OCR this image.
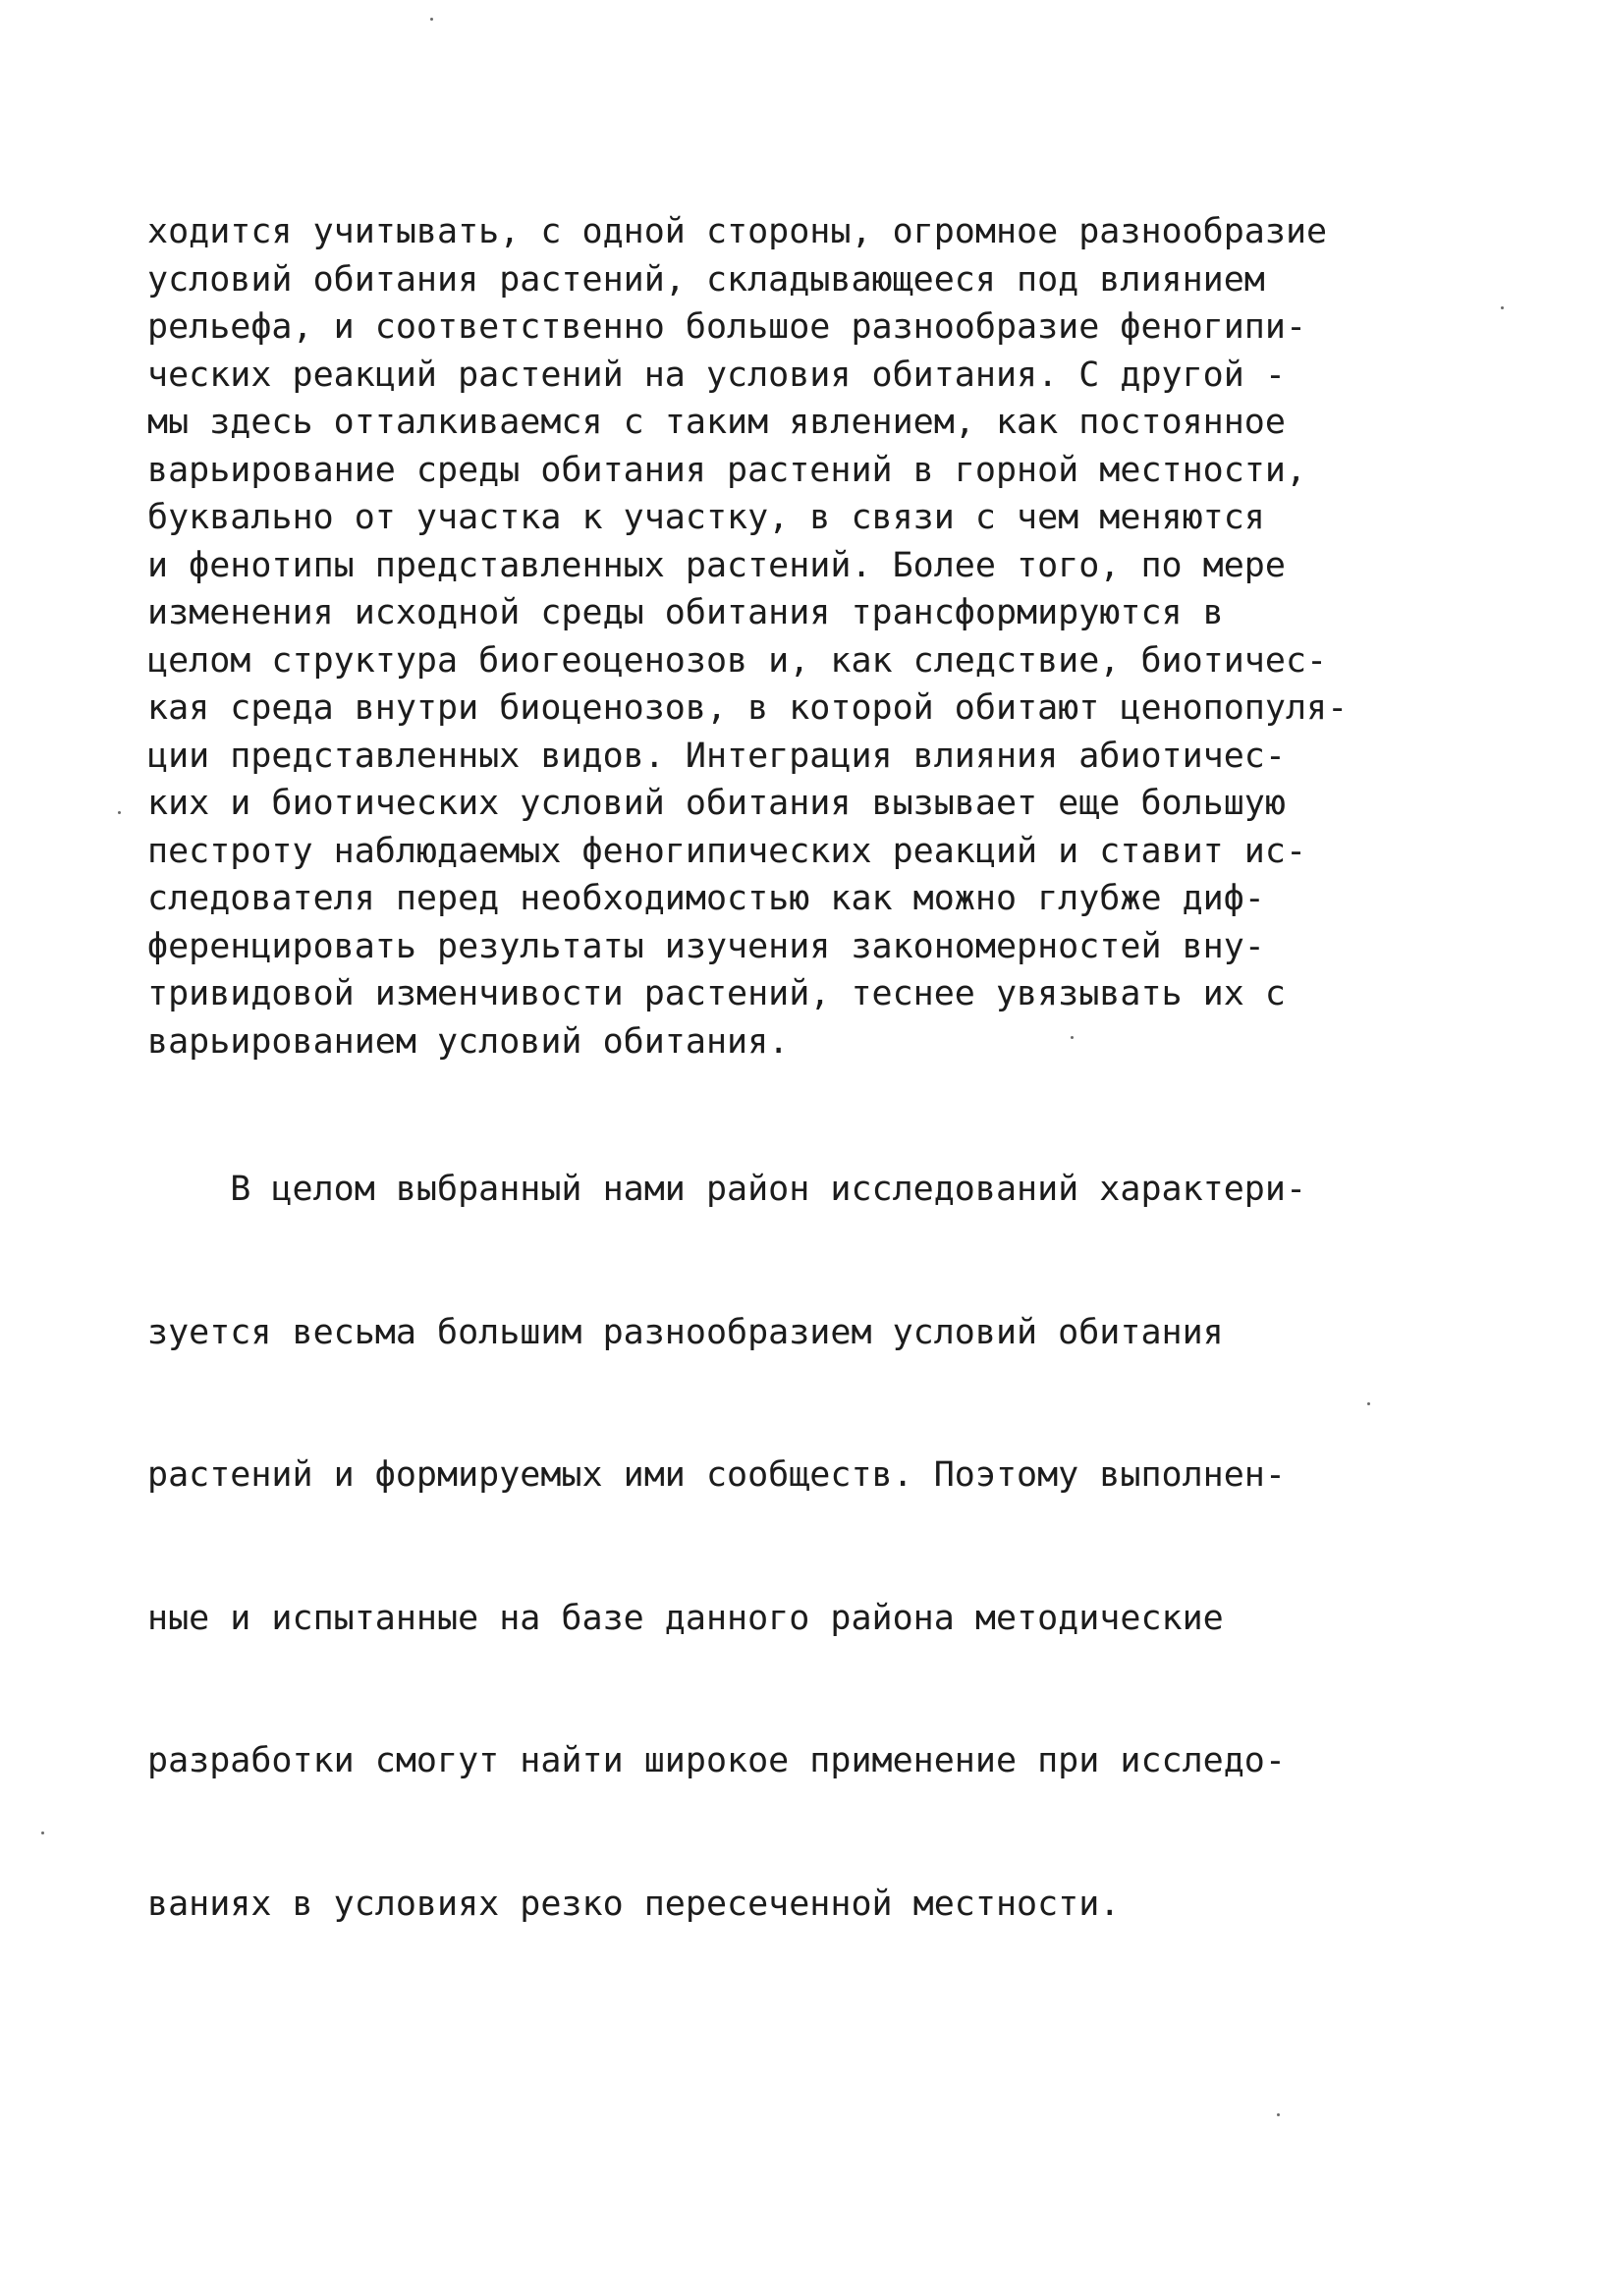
ходится учитывать, с одной стороны, огромное разнообразие
условий обитания растений, складывающееся под влиянием
рельефа, и соответственно большое разнообразие феногипи-
ческих реакций растений на условия обитания. С другой -
мы здесь отталкиваемся с таким явлением, как постоянное
варьирование среды обитания растений в горной местности,
буквально от участка к участку, в связи с чем меняются
и фенотипы представленных растений. Более того, по мере
изменения исходной среды обитания трансформируются в
целом структура биогеоценозов и, как следствие, биотичес-
кая среда внутри биоценозов, в которой обитают ценопопуля-
ции представленных видов. Интеграция влияния абиотичес-
ких и биотических условий обитания вызывает еще большую
пестроту наблюдаемых феногипических реакций и ставит ис-
следователя перед необходимостью как можно глубже диф-
ференцировать результаты изучения закономерностей вну-
тривидовой изменчивости растений, теснее увязывать их с
варьированием условий обитания.

В целом выбранный нами район исследований характери-

зуется весьма большим разнообразием условий обитания

растений и формируемых ими сообществ. Поэтому выполнен-

ные и испытанные на базе данного района методические

разработки смогут найти широкое применение при исследо-

ваниях в условиях резко пересеченной местности.
